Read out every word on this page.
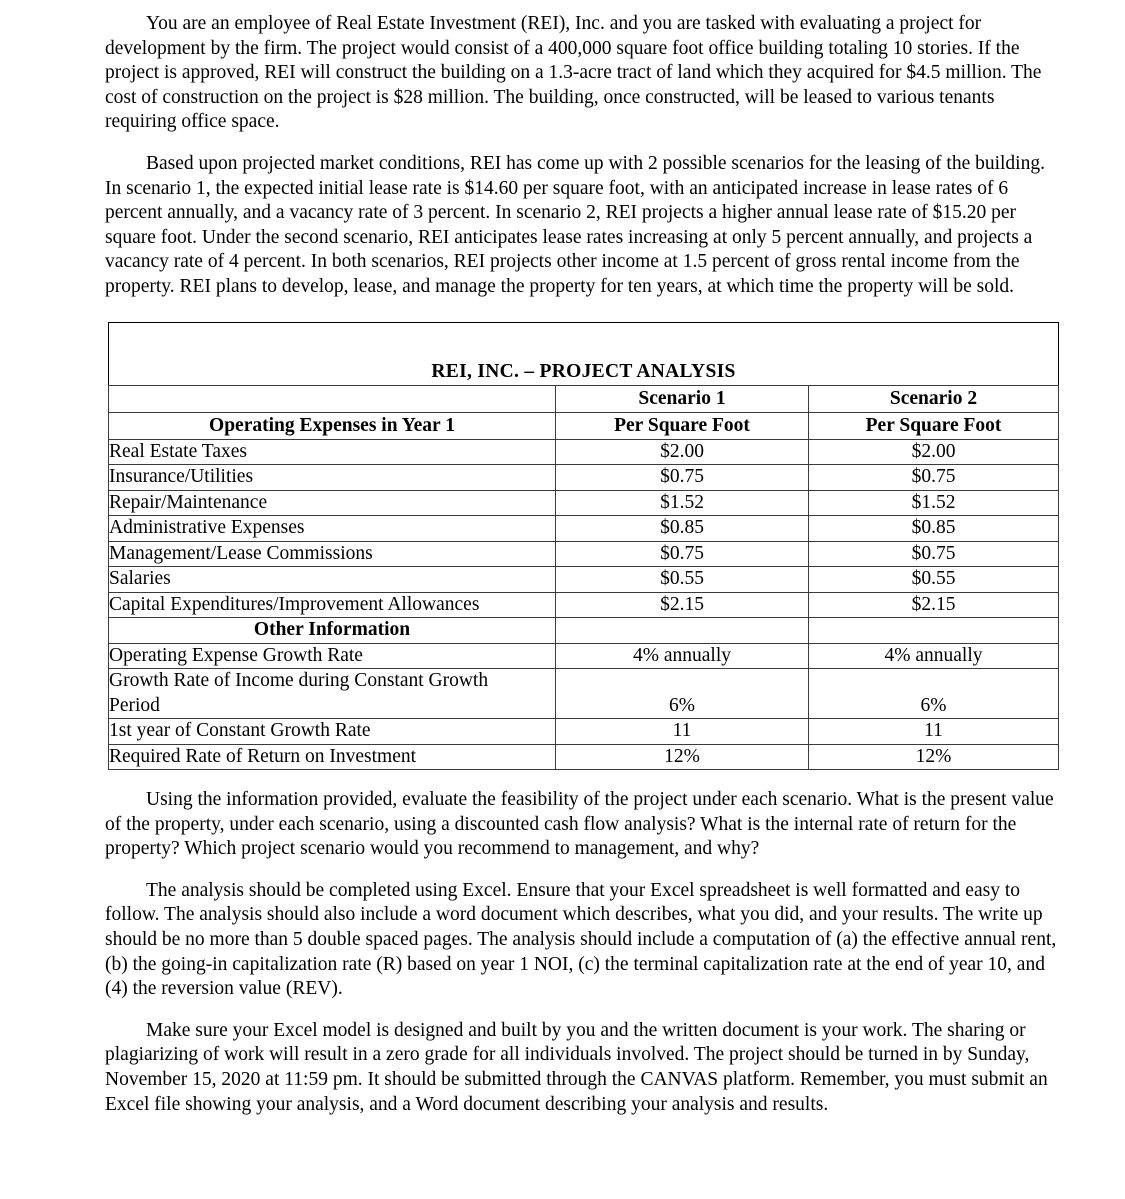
You are an employee of Real Estate Investment (REI), Inc. and you are tasked with evaluating a project for development by the firm. The project would consist of a 400,000 square foot office building totaling 10 stories. If the project is approved, REI will construct the building on a 1.3-acre tract of land which they acquired for $4.5 million. The cost of construction on the project is $28 million. The building, once constructed, will be leased to various tenants requiring office space.

Based upon projected market conditions, REI has come up with 2 possible scenarios for the leasing of the building. In scenario 1, the expected initial lease rate is $14.60 per square foot, with an anticipated increase in lease rates of 6 percent annually, and a vacancy rate of 3 percent. In scenario 2, REI projects a higher annual lease rate of $15.20 per square foot. Under the second scenario, REI anticipates lease rates increasing at only 5 percent annually, and projects a vacancy rate of 4 percent. In both scenarios, REI projects other income at 1.5 percent of gross rental income from the property. REI plans to develop, lease, and manage the property for ten years, at which time the property will be sold.

REI, INC. – PROJECT ANALYSIS		
	Scenario 1	Scenario 2
Operating Expenses in Year 1	Per Square Foot	Per Square Foot
Real Estate Taxes	$2.00	$2.00
Insurance/Utilities	$0.75	$0.75
Repair/Maintenance	$1.52	$1.52
Administrative Expenses	$0.85	$0.85
Management/Lease Commissions	$0.75	$0.75
Salaries	$0.55	$0.55
Capital Expenditures/Improvement Allowances	$2.15	$2.15
Other Information		
Operating Expense Growth Rate	4% annually	4% annually

Growth Rate of Income during Constant Growth
Period	6%	6%
1st year of Constant Growth Rate	11	11
Required Rate of Return on Investment	12%	12%

Using the information provided, evaluate the feasibility of the project under each scenario. What is the present value of the property, under each scenario, using a discounted cash flow analysis? What is the internal rate of return for the property? Which project scenario would you recommend to management, and why?

The analysis should be completed using Excel. Ensure that your Excel spreadsheet is well formatted and easy to follow. The analysis should also include a word document which describes, what you did, and your results. The write up should be no more than 5 double spaced pages. The analysis should include a computation of (a) the effective annual rent, (b) the going-in capitalization rate (R) based on year 1 NOI, (c) the terminal capitalization rate at the end of year 10, and (4) the reversion value (REV).

Make sure your Excel model is designed and built by you and the written document is your work. The sharing or plagiarizing of work will result in a zero grade for all individuals involved. The project should be turned in by Sunday, November 15, 2020 at 11:59 pm. It should be submitted through the CANVAS platform. Remember, you must submit an Excel file showing your analysis, and a Word document describing your analysis and results.
